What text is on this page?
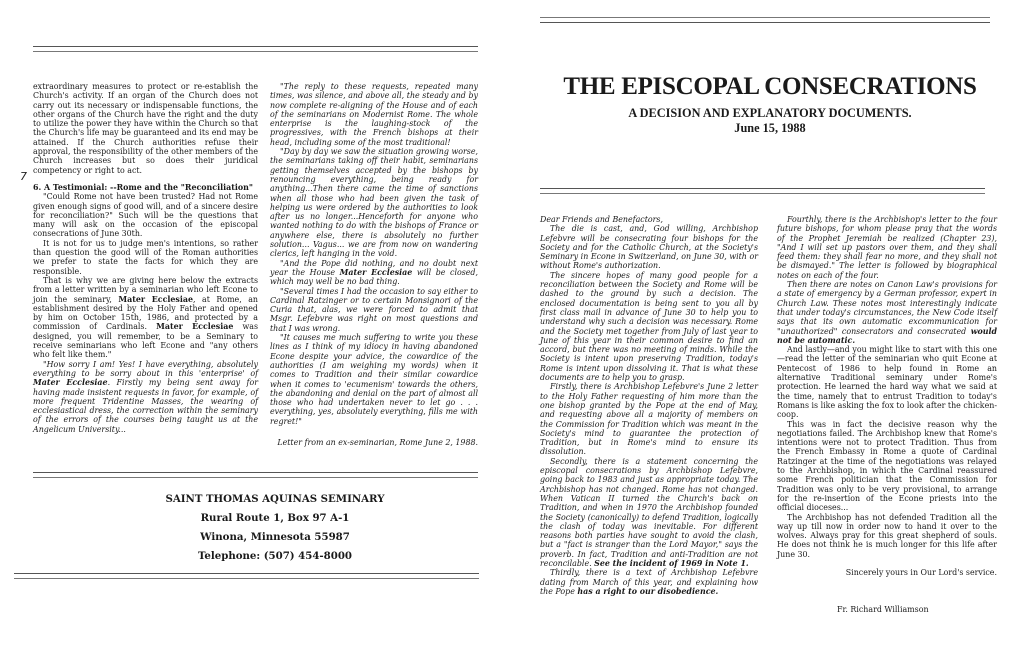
extraordinary measures to protect or re-establish the Church's activity. If an organ of the Church does not carry out its necessary or indispensable functions, the other organs of the Church have the right and the duty to utilize the power they have within the Church so that the Church's life may be guaranteed and its end may be attained. If the Church authorities refuse their approval, the responsibility of the other members of the Church increases but so does their juridical competency or right to act.

6. A Testimonial: --Rome and the "Reconciliation"

"Could Rome not have been trusted? Had not Rome given enough signs of good will, and of a sincere desire for reconciliation?" Such will be the questions that many will ask on the occasion of the episcopal consecrations of June 30th.

It is not for us to judge men's intentions, so rather than question the good will of the Roman authorities we prefer to state the facts for which they are responsible.

That is why we are giving here below the extracts from a letter written by a seminarian who left Econe to join the seminary, Mater Ecclesiae, at Rome, an establishment desired by the Holy Father and opened by him on October 15th, 1986, and protected by a commission of Cardinals. Mater Ecclesiae was designed, you will remember, to be a Seminary to receive seminarians who left Econe and "any others who felt like them."

"How sorry I am! Yes! I have everything, absolutely everything to be sorry about in this 'enterprise' of Mater Ecclesiae. Firstly my being sent away for having made insistent requests in favor, for example, of more frequent Tridentine Masses, the wearing of ecclesiastical dress, the correction within the seminary of the errors of the courses being taught us at the Angelicum University...

7

"The reply to these requests, repeated many times, was silence, and above all, the steady and by now complete re-aligning of the House and of each of the seminarians on Modernist Rome. The whole enterprise is the laughing-stock of the progressives, with the French bishops at their head, including some of the most traditional!

"Day by day we saw the situation growing worse, the seminarians taking off their habit, seminarians getting themselves accepted by the bishops by renouncing everything, being ready for anything...Then there came the time of sanctions when all those who had been given the task of helping us were ordered by the authorities to look after us no longer...Henceforth for anyone who wanted nothing to do with the bishops of France or anywhere else, there is absolutely no further solution... Vagus... we are from now on wandering clerics, left hanging in the void.

"And the Pope did nothing, and no doubt next year the House Mater Ecclesiae will be closed, which may well be no bad thing.

"Several times I had the occasion to say either to Cardinal Ratzinger or to certain Monsignori of the Curia that, alas, we were forced to admit that Msgr. Lefebvre was right on most questions and that I was wrong.

"It causes me much suffering to write you these lines as I think of my idiocy in having abandoned Econe despite your advice, the cowardice of the authorities (I am weighing my words) when it comes to Tradition and their similar cowardice when it comes to 'ecumenism' towards the others, the abandoning and denial on the part of almost all those who had undertaken never to let go . . . everything, yes, absolutely everything, fills me with regret!"

Letter from an ex-seminarian, Rome June 2, 1988.

SAINT THOMAS AQUINAS SEMINARY
Rural Route 1, Box 97 A-1
Winona, Minnesota 55987
Telephone: (507) 454-8000
THE EPISCOPAL CONSECRATIONS
A DECISION AND EXPLANATORY DOCUMENTS.
June 15, 1988

Dear Friends and Benefactors,

The die is cast, and, God willing, Archbishop Lefebvre will be consecrating four bishops for the Society and for the Catholic Church, at the Society's Seminary in Econe in Switzerland, on June 30, with or without Rome's authorization.

The sincere hopes of many good people for a reconciliation between the Society and Rome will be dashed to the ground by such a decision. The enclosed documentation is being sent to you all by first class mail in advance of June 30 to help you to understand why such a decision was necessary. Rome and the Society met together from July of last year to June of this year in their common desire to find an accord, but there was no meeting of minds. While the Society is intent upon preserving Tradition, today's Rome is intent upon dissolving it. That is what these documents are to help you to grasp.

Firstly, there is Archbishop Lefebvre's June 2 letter to the Holy Father requesting of him more than the one bishop granted by the Pope at the end of May, and requesting above all a majority of members on the Commission for Tradition which was meant in the Society's mind to guarantee the protection of Tradition, but in Rome's mind to ensure its dissolution.

Secondly, there is a statement concerning the episcopal consecrations by Archbishop Lefebvre, going back to 1983 and just as appropriate today. The Archbishop has not changed. Rome has not changed. When Vatican II turned the Church's back on Tradition, and when in 1970 the Archbishop founded the Society (canonically) to defend Tradition, logically the clash of today was inevitable. For different reasons both parties have sought to avoid the clash, but a "fact is stranger than the Lord Mayor," says the proverb. In fact, Tradition and anti-Tradition are not reconcilable. See the incident of 1969 in Note 1.

Thirdly, there is a text of Archbishop Lefebvre dating from March of this year, and explaining how the Pope has a right to our disobedience.

Fourthly, there is the Archbishop's letter to the four future bishops, for whom please pray that the words of the Prophet Jeremiah be realized (Chapter 23), "And I will set up pastors over them, and they shall feed them: they shall fear no more, and they shall not be dismayed." The letter is followed by biographical notes on each of the four.

Then there are notes on Canon Law's provisions for a state of emergency by a German professor, expert in Church Law. These notes most interestingly indicate that under today's circumstances, the New Code itself says that its own automatic excommunication for "unauthorized" consecrators and consecrated would not be automatic.

And lastly—and you might like to start with this one—read the letter of the seminarian who quit Econe at Pentecost of 1986 to help found in Rome an alternative Traditional seminary under Rome's protection. He learned the hard way what we said at the time, namely that to entrust Tradition to today's Romans is like asking the fox to look after the chicken-coop.

This was in fact the decisive reason why the negotiations failed. The Archbishop knew that Rome's intentions were not to protect Tradition. Thus from the French Embassy in Rome a quote of Cardinal Ratzinger at the time of the negotiations was relayed to the Archbishop, in which the Cardinal reassured some French politician that the Commission for Tradition was only to be very provisional, to arrange for the re-insertion of the Econe priests into the official dioceses...

The Archbishop has not defended Tradition all the way up till now in order now to hand it over to the wolves. Always pray for this great shepherd of souls. He does not think he is much longer for this life after June 30.

Sincerely yours in Our Lord's service.

Fr. Richard Williamson
